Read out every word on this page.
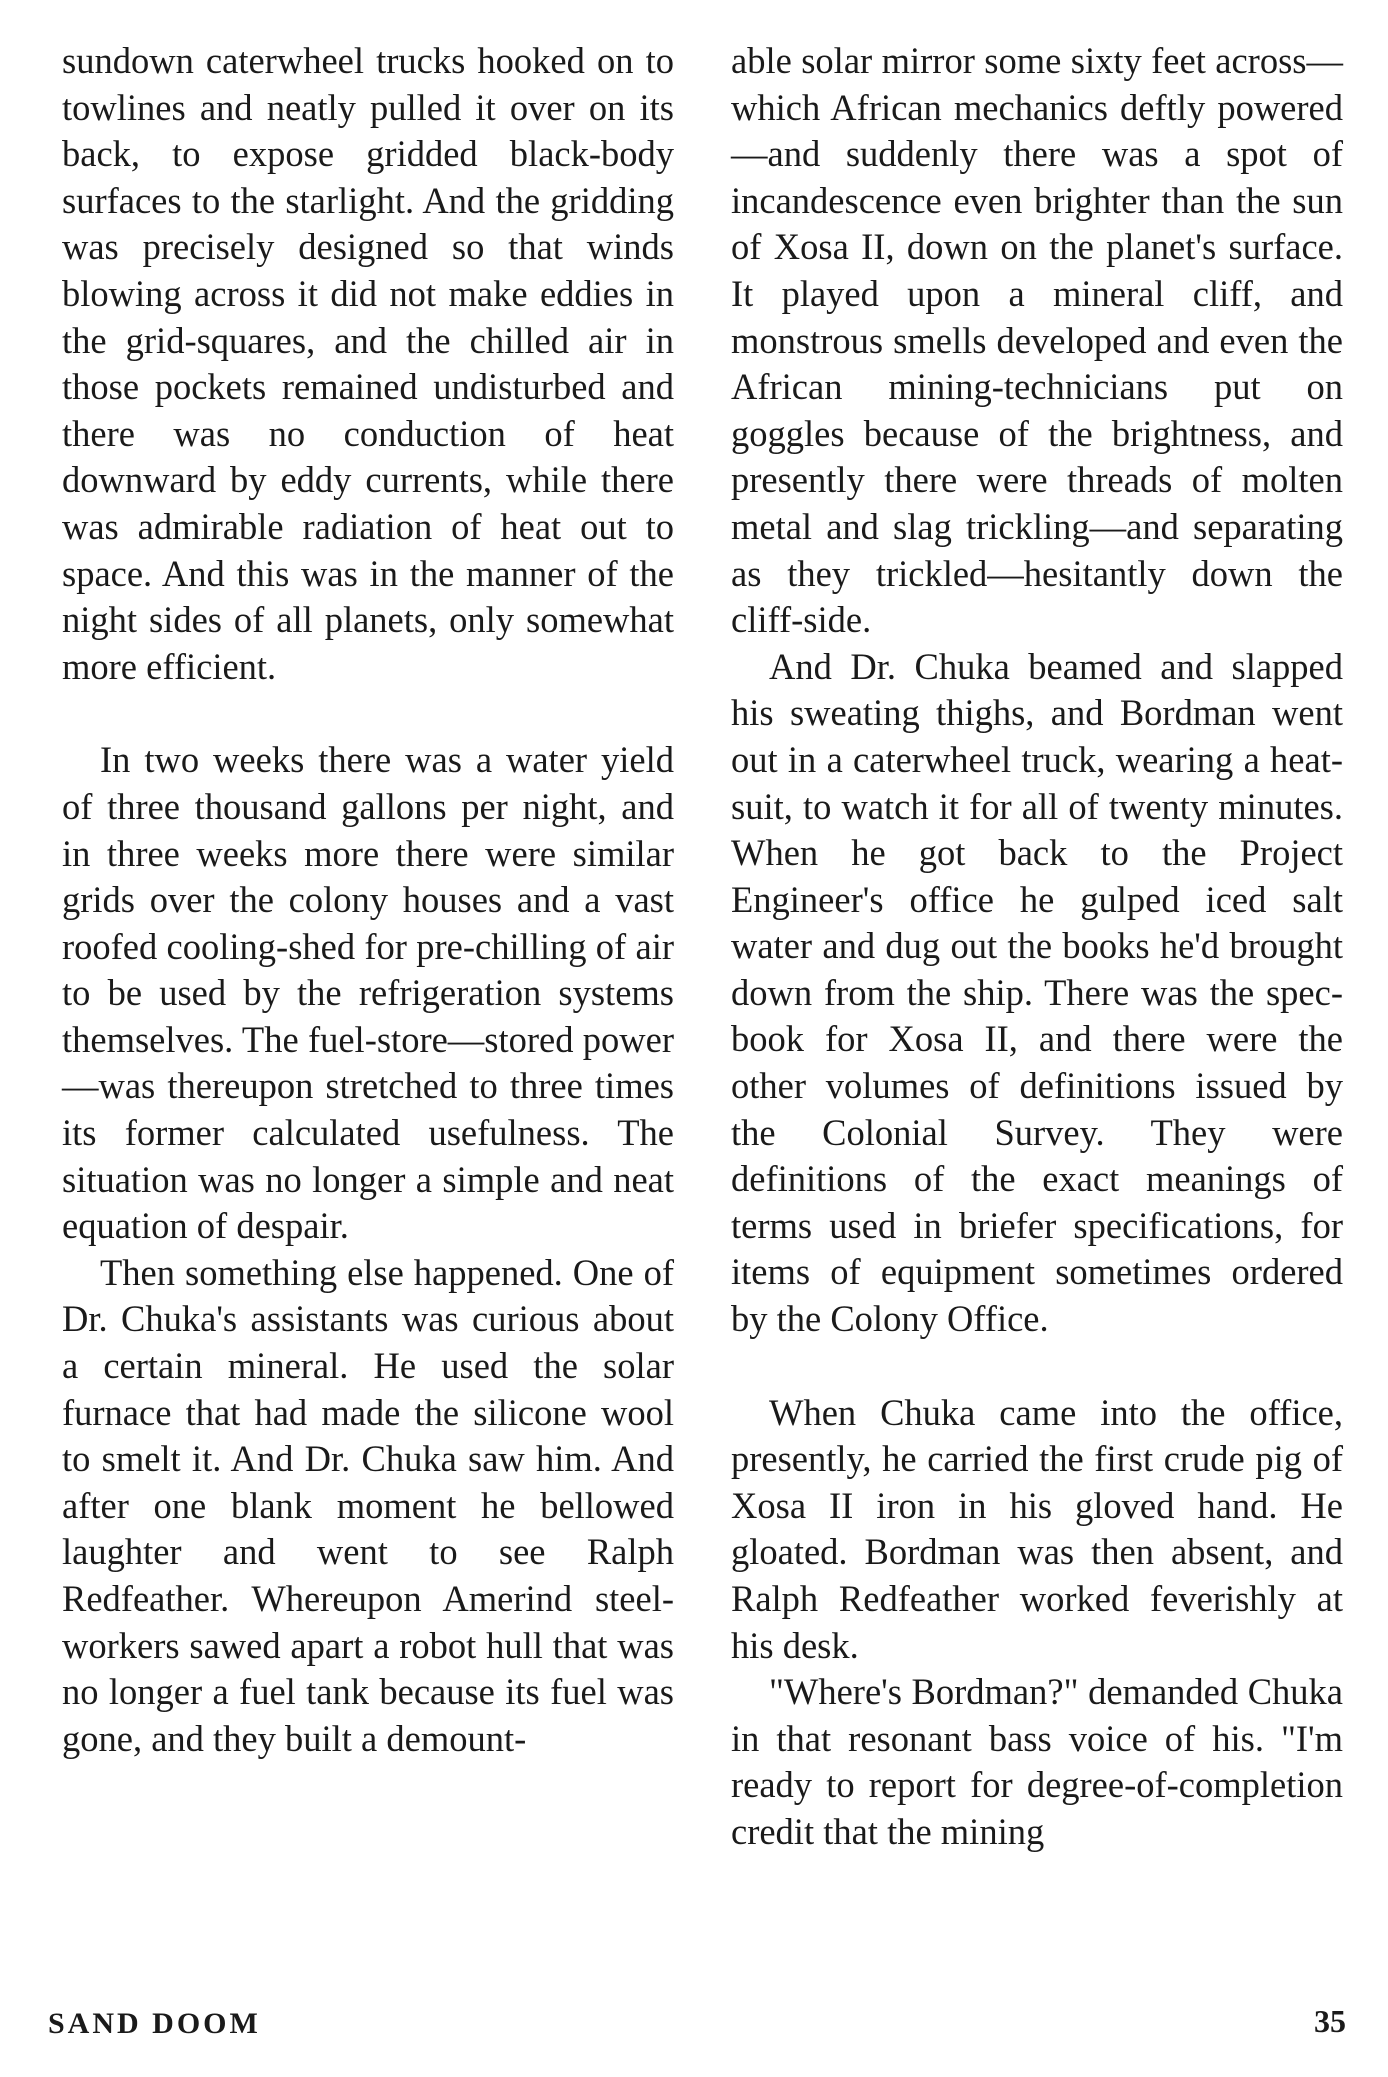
sundown caterwheel trucks hooked on to towlines and neatly pulled it over on its back, to expose gridded black-body surfaces to the starlight. And the gridding was precisely designed so that winds blowing across it did not make eddies in the grid-squares, and the chilled air in those pockets remained undisturbed and there was no conduction of heat downward by eddy currents, while there was admirable radiation of heat out to space. And this was in the manner of the night sides of all planets, only somewhat more efficient.

In two weeks there was a water yield of three thousand gallons per night, and in three weeks more there were similar grids over the colony houses and a vast roofed cooling-shed for pre-chilling of air to be used by the refrigeration systems themselves. The fuel-store—stored power—was thereupon stretched to three times its former calculated usefulness. The situation was no longer a simple and neat equation of despair.

Then something else happened. One of Dr. Chuka's assistants was curious about a certain mineral. He used the solar furnace that had made the silicone wool to smelt it. And Dr. Chuka saw him. And after one blank moment he bellowed laughter and went to see Ralph Redfeather. Whereupon Amerind steel-workers sawed apart a robot hull that was no longer a fuel tank because its fuel was gone, and they built a demount-

able solar mirror some sixty feet across—which African mechanics deftly powered—and suddenly there was a spot of incandescence even brighter than the sun of Xosa II, down on the planet's surface. It played upon a mineral cliff, and monstrous smells developed and even the African mining-technicians put on goggles because of the brightness, and presently there were threads of molten metal and slag trickling—and separating as they trickled—hesitantly down the cliff-side.

And Dr. Chuka beamed and slapped his sweating thighs, and Bordman went out in a caterwheel truck, wearing a heat-suit, to watch it for all of twenty minutes. When he got back to the Project Engineer's office he gulped iced salt water and dug out the books he'd brought down from the ship. There was the spec-book for Xosa II, and there were the other volumes of definitions issued by the Colonial Survey. They were definitions of the exact meanings of terms used in briefer specifications, for items of equipment sometimes ordered by the Colony Office.

When Chuka came into the office, presently, he carried the first crude pig of Xosa II iron in his gloved hand. He gloated. Bordman was then absent, and Ralph Redfeather worked feverishly at his desk.

"Where's Bordman?" demanded Chuka in that resonant bass voice of his. "I'm ready to report for degree-of-completion credit that the mining

SAND DOOM	35
